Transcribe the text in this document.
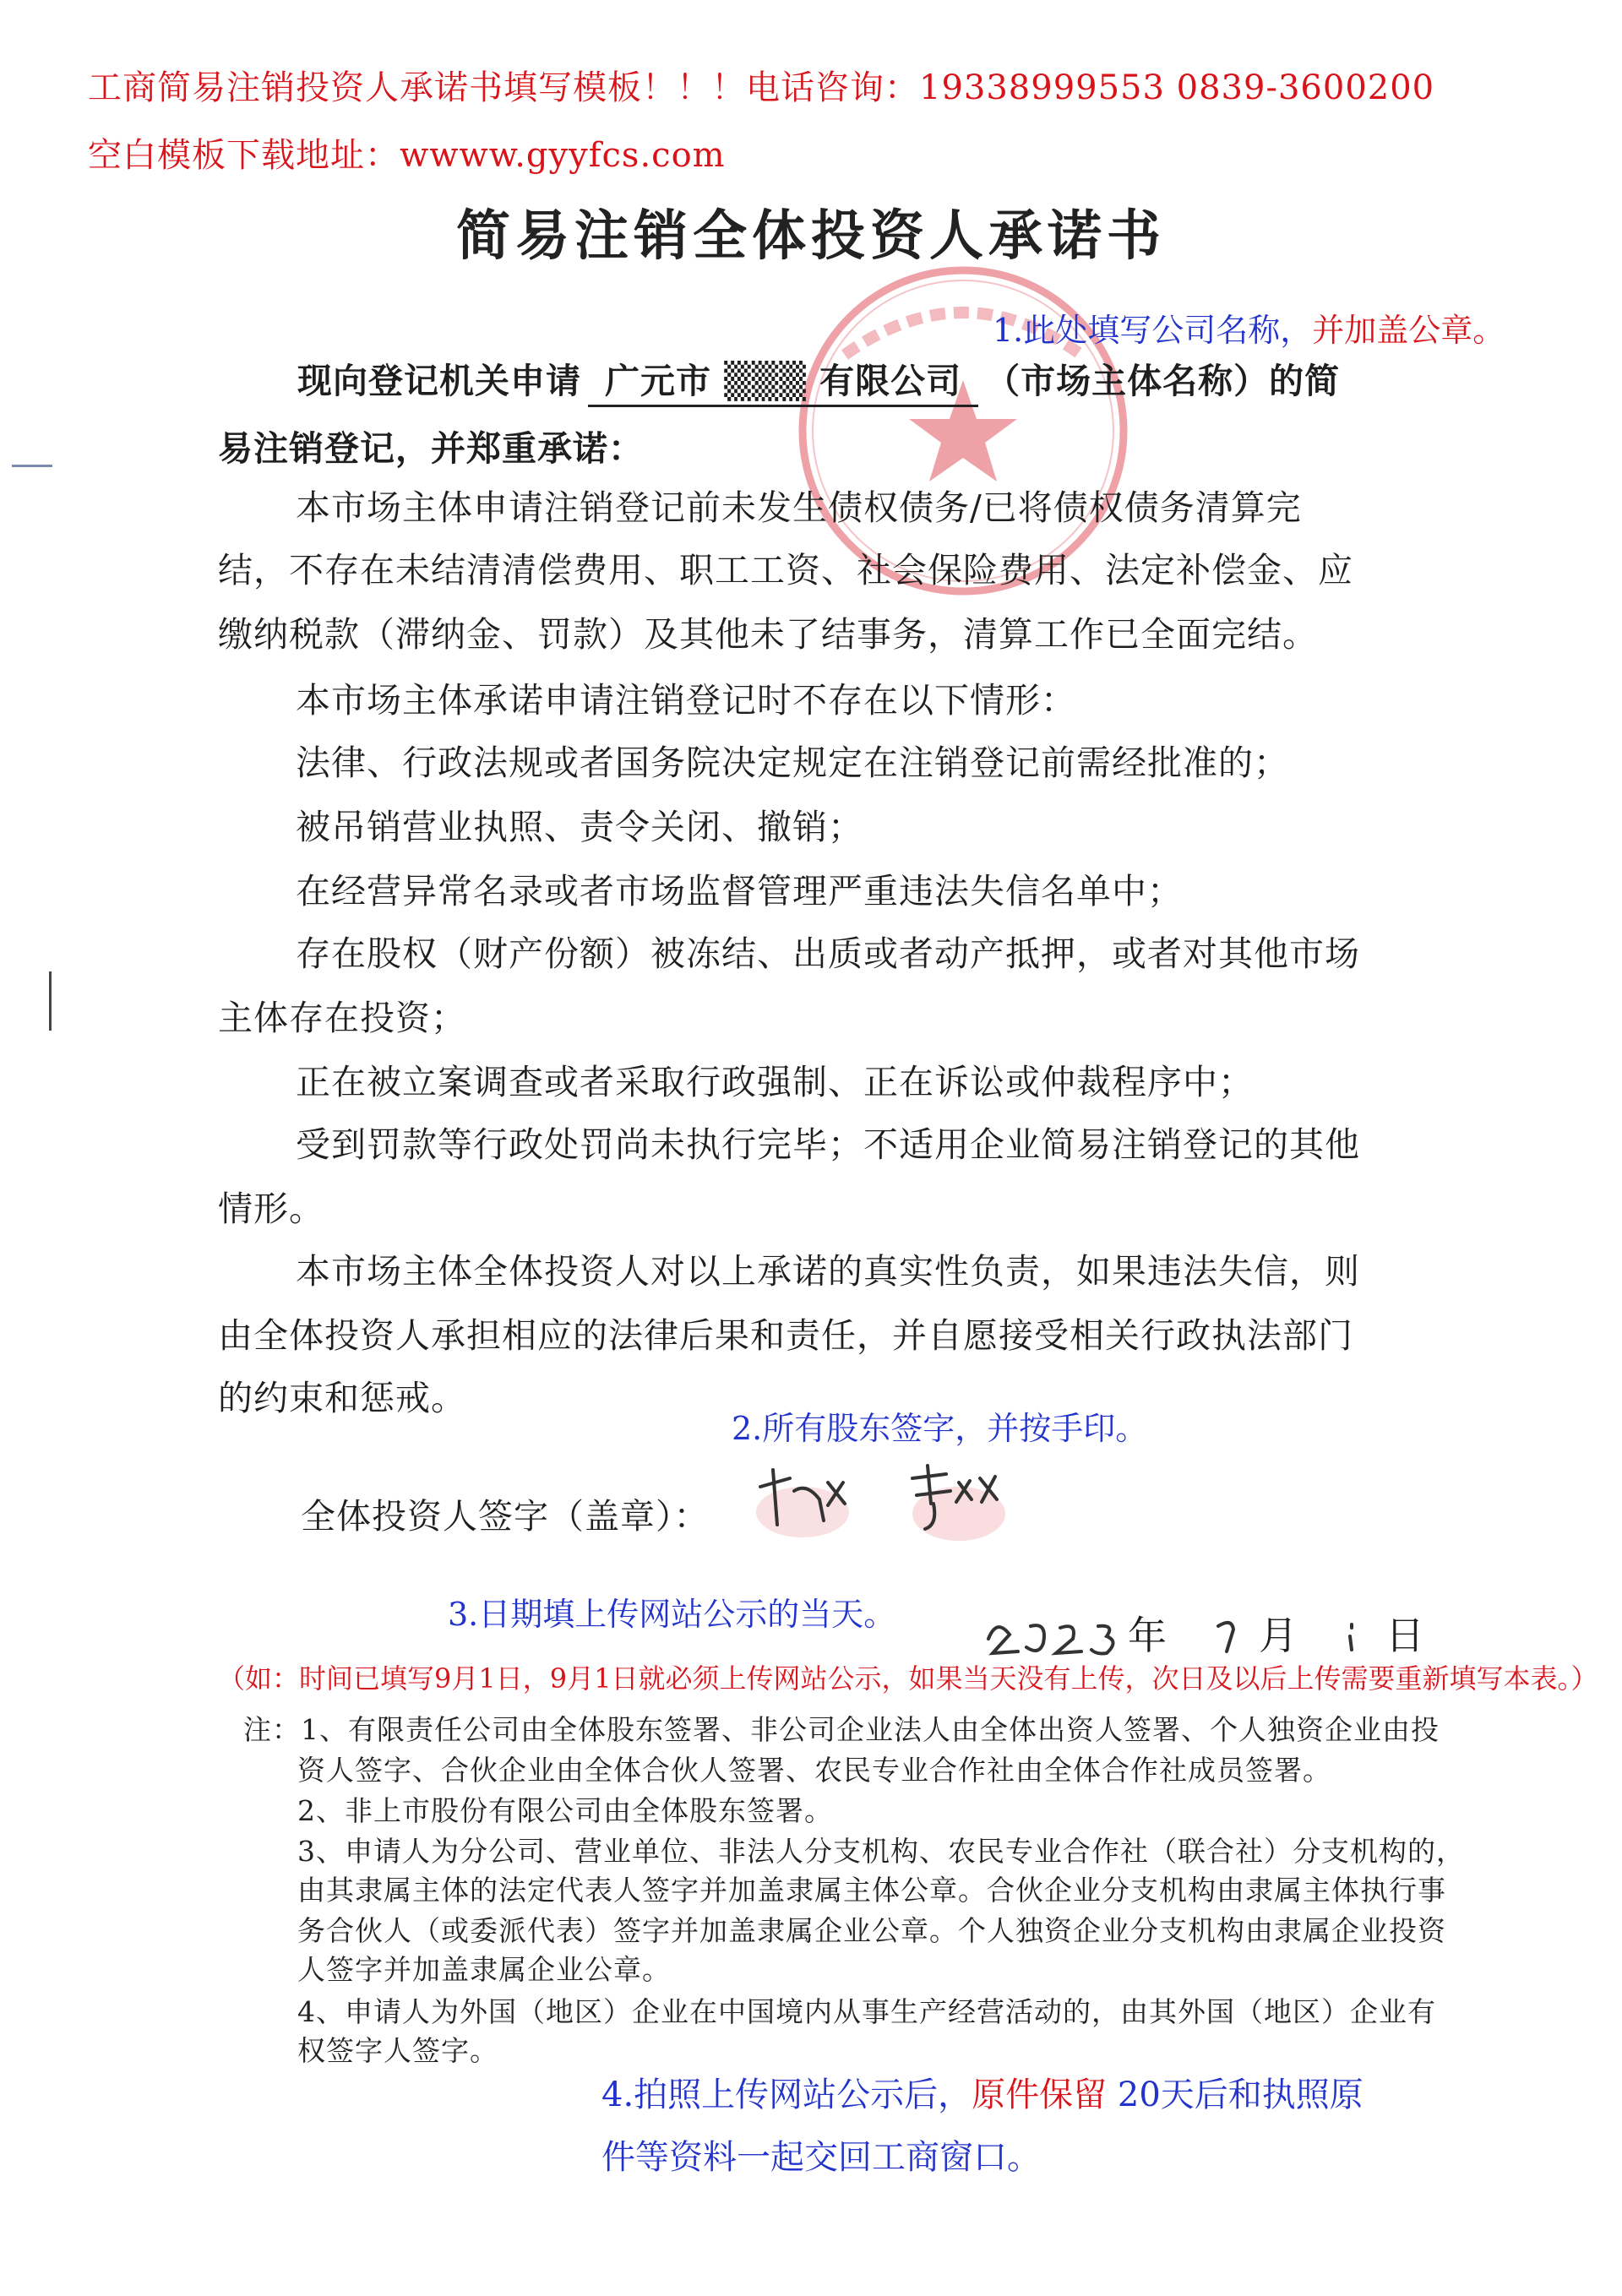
工商简易注销投资人承诺书填写模板！！！电话咨询：19338999553 0839-3600200
空白模板下载地址：wwww.gyyfcs.com
简易注销全体投资人承诺书
1.此处填写公司名称，并加盖公章。
现向登记机关申请 广元市 ▒▒▒ 有限公司 （市场主体名称）的简
易注销登记，并郑重承诺：
本市场主体申请注销登记前未发生债权债务/已将债权债务清算完
结，不存在未结清清偿费用、职工工资、社会保险费用、法定补偿金、应
缴纳税款（滞纳金、罚款）及其他未了结事务，清算工作已全面完结。
本市场主体承诺申请注销登记时不存在以下情形：
法律、行政法规或者国务院决定规定在注销登记前需经批准的；
被吊销营业执照、责令关闭、撤销；
在经营异常名录或者市场监督管理严重违法失信名单中；
存在股权（财产份额）被冻结、出质或者动产抵押，或者对其他市场
主体存在投资；
正在被立案调查或者采取行政强制、正在诉讼或仲裁程序中；
受到罚款等行政处罚尚未执行完毕；不适用企业简易注销登记的其他
情形。
本市场主体全体投资人对以上承诺的真实性负责，如果违法失信，则
由全体投资人承担相应的法律后果和责任，并自愿接受相关行政执法部门
的约束和惩戒。
2.所有股东签字，并按手印。
全体投资人签字（盖章）：
3.日期填上传网站公示的当天。	年 月 日
（如：时间已填写9月1日，9月1日就必须上传网站公示，如果当天没有上传，次日及以后上传需要重新填写本表。）
注：1、有限责任公司由全体股东签署、非公司企业法人由全体出资人签署、个人独资企业由投
资人签字、合伙企业由全体合伙人签署、农民专业合作社由全体合作社成员签署。
2、非上市股份有限公司由全体股东签署。
3、申请人为分公司、营业单位、非法人分支机构、农民专业合作社（联合社）分支机构的，
由其隶属主体的法定代表人签字并加盖隶属主体公章。合伙企业分支机构由隶属主体执行事
务合伙人（或委派代表）签字并加盖隶属企业公章。个人独资企业分支机构由隶属企业投资
人签字并加盖隶属企业公章。
4、申请人为外国（地区）企业在中国境内从事生产经营活动的，由其外国（地区）企业有
权签字人签字。
4.拍照上传网站公示后，原件保留 20天后和执照原
件等资料一起交回工商窗口。
